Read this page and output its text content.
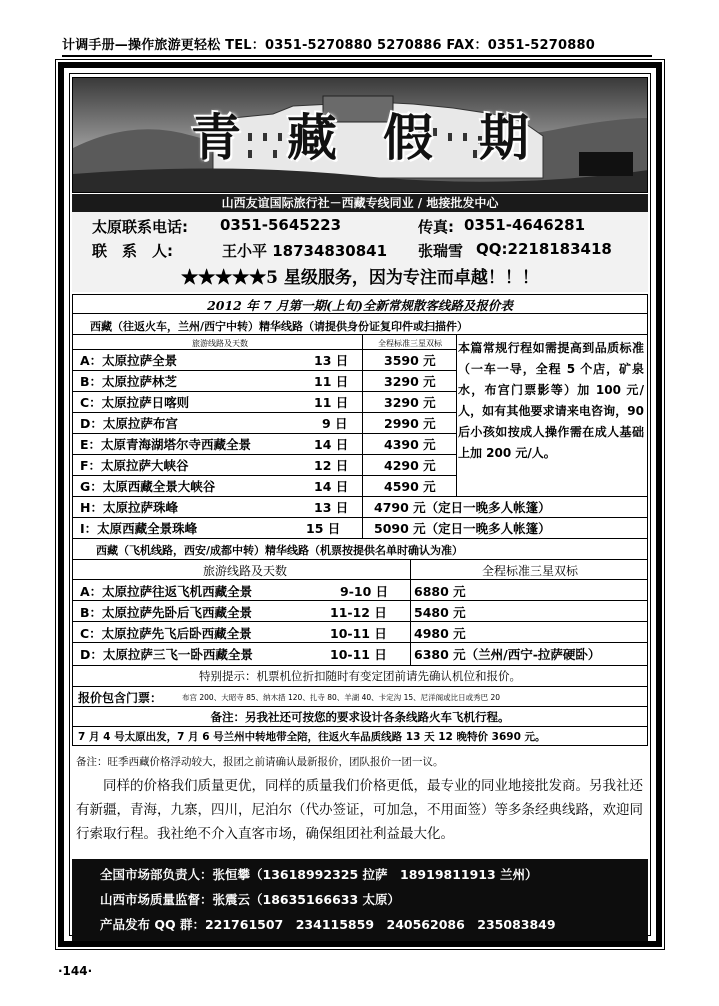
计调手册—操作旅游更轻松 TEL：0351-5270880 5270886 FAX：0351-5270880
青藏假期
山西友谊国际旅行社－西藏专线同业 / 地接批发中心
太原联系电话: 0351-5645223	传真: 0351-4646281
联　系　人:	王小平 18734830841 张瑞雪 QQ:2218183418
★★★★★5 星级服务，因为专注而卓越！！！
2012 年 7 月第一期(上旬)全新常规散客线路及报价表
西藏（往返火车，兰州/西宁中转）精华线路（请提供身份证复印件或扫描件）
旅游线路及天数	全程标准三星双标
A：太原拉萨全景	13 日	3590 元
B：太原拉萨林芝	11 日	3290 元
C：太原拉萨日喀则	11 日	3290 元
D：太原拉萨布宫	9 日	2990 元
E：太原青海湖塔尔寺西藏全景	14 日	4390 元
F：太原拉萨大峡谷	12 日	4290 元
G：太原西藏全景大峡谷	14 日	4590 元
H：太原拉萨珠峰	13 日 4790 元（定日一晚多人帐篷）
I：太原西藏全景珠峰	15 日	5090 元（定日一晚多人帐篷）
本篇常规行程如需提高到品质标准（一车一导，全程 5 个店，矿泉水，布宫门票影等）加 100 元/人，如有其他要求请来电咨询，90 后小孩如按成人操作需在成人基础上加 200 元/人。
西藏（飞机线路，西安/成都中转）精华线路（机票按提供名单时确认为准）
旅游线路及天数	全程标准三星双标
A：太原拉萨往返飞机西藏全景	9-10 日 6880 元
B：太原拉萨先卧后飞西藏全景	11-12 日 5480 元
C：太原拉萨先飞后卧西藏全景	10-11 日 4980 元
D：太原拉萨三飞一卧西藏全景	10-11 日 6380 元（兰州/西宁-拉萨硬卧）
特别提示：机票机位折扣随时有变定团前请先确认机位和报价。
报价包含门票：	布宫 200、大昭寺 85、纳木措 120、扎寺 80、羊湖 40、卡定沟 15、尼洋阁或比日或秀巴 20
备注：另我社还可按您的要求设计各条线路火车飞机行程。
7 月 4 号太原出发，7 月 6 号兰州中转地带全陪，往返火车品质线路 13 天 12 晚特价 3690 元。
备注：旺季西藏价格浮动较大，报团之前请确认最新报价，团队报价一团一议。
同样的价格我们质量更优，同样的质量我们价格更低，最专业的同业地接批发商。另我社还有新疆，青海，九寨，四川，尼泊尔（代办签证，可加急，不用面签）等多条经典线路，欢迎同行索取行程。我社绝不介入直客市场，确保组团社利益最大化。
全国市场部负责人：张恒攀（13618992325 拉萨　18919811913 兰州）
山西市场质量监督：张震云（18635166633 太原）
产品发布 QQ 群：221761507　234115859　240562086　235083849
·144·
